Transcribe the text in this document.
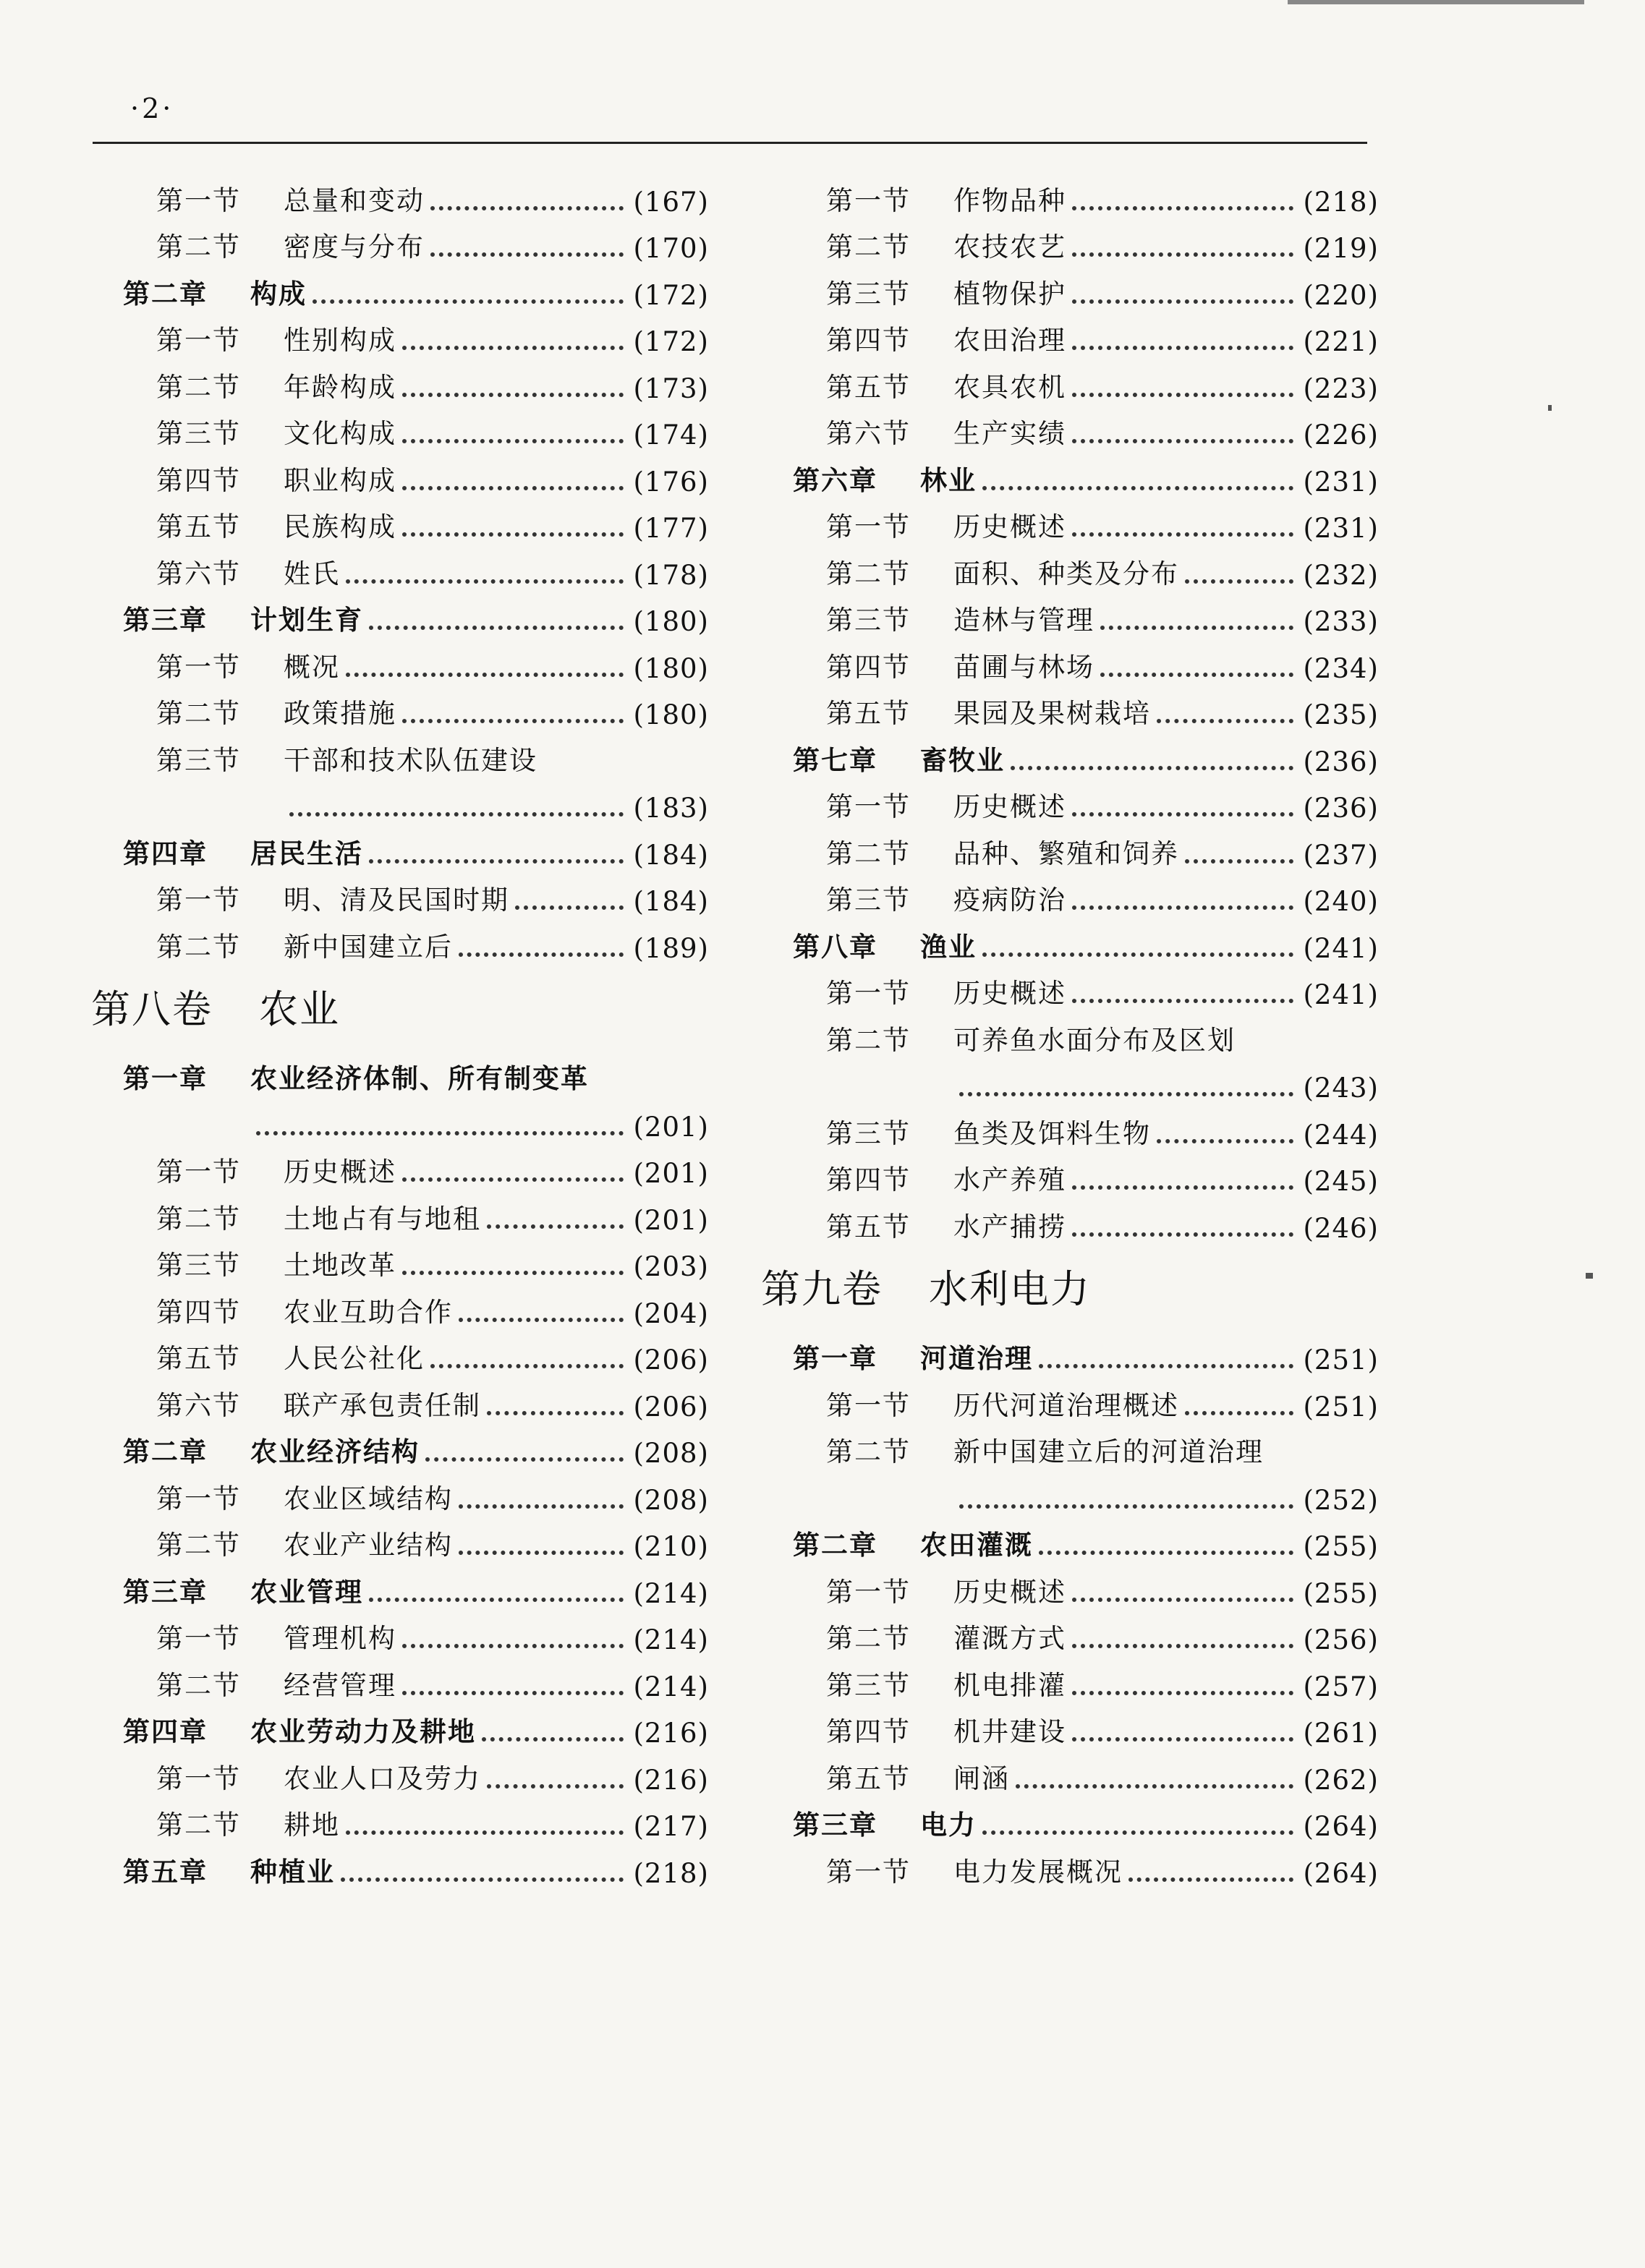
·2·
第一节	总量和变动	(167)
第二节	密度与分布	(170)
第二章	构成	(172)
第一节	性别构成	(172)
第二节	年龄构成	(173)
第三节	文化构成	(174)
第四节	职业构成	(176)
第五节	民族构成	(177)
第六节	姓氏	(178)
第三章	计划生育	(180)
第一节	概况	(180)
第二节	政策措施	(180)
第三节	干部和技术队伍建设
(183)
第四章	居民生活	(184)
第一节	明、清及民国时期	(184)
第二节	新中国建立后	(189)
第八卷	农业
第一章	农业经济体制、所有制变革
(201)
第一节	历史概述	(201)
第二节	土地占有与地租	(201)
第三节	土地改革	(203)
第四节	农业互助合作	(204)
第五节	人民公社化	(206)
第六节	联产承包责任制	(206)
第二章	农业经济结构	(208)
第一节	农业区域结构	(208)
第二节	农业产业结构	(210)
第三章	农业管理	(214)
第一节	管理机构	(214)
第二节	经营管理	(214)
第四章	农业劳动力及耕地	(216)
第一节	农业人口及劳力	(216)
第二节	耕地	(217)
第五章	种植业	(218)
第一节	作物品种	(218)
第二节	农技农艺	(219)
第三节	植物保护	(220)
第四节	农田治理	(221)
第五节	农具农机	(223)
第六节	生产实绩	(226)
第六章	林业	(231)
第一节	历史概述	(231)
第二节	面积、种类及分布	(232)
第三节	造林与管理	(233)
第四节	苗圃与林场	(234)
第五节	果园及果树栽培	(235)
第七章	畜牧业	(236)
第一节	历史概述	(236)
第二节	品种、繁殖和饲养	(237)
第三节	疫病防治	(240)
第八章	渔业	(241)
第一节	历史概述	(241)
第二节	可养鱼水面分布及区划
(243)
第三节	鱼类及饵料生物	(244)
第四节	水产养殖	(245)
第五节	水产捕捞	(246)
第九卷	水利电力
第一章	河道治理	(251)
第一节	历代河道治理概述	(251)
第二节	新中国建立后的河道治理
(252)
第二章	农田灌溉	(255)
第一节	历史概述	(255)
第二节	灌溉方式	(256)
第三节	机电排灌	(257)
第四节	机井建设	(261)
第五节	闸涵	(262)
第三章	电力	(264)
第一节	电力发展概况	(264)
